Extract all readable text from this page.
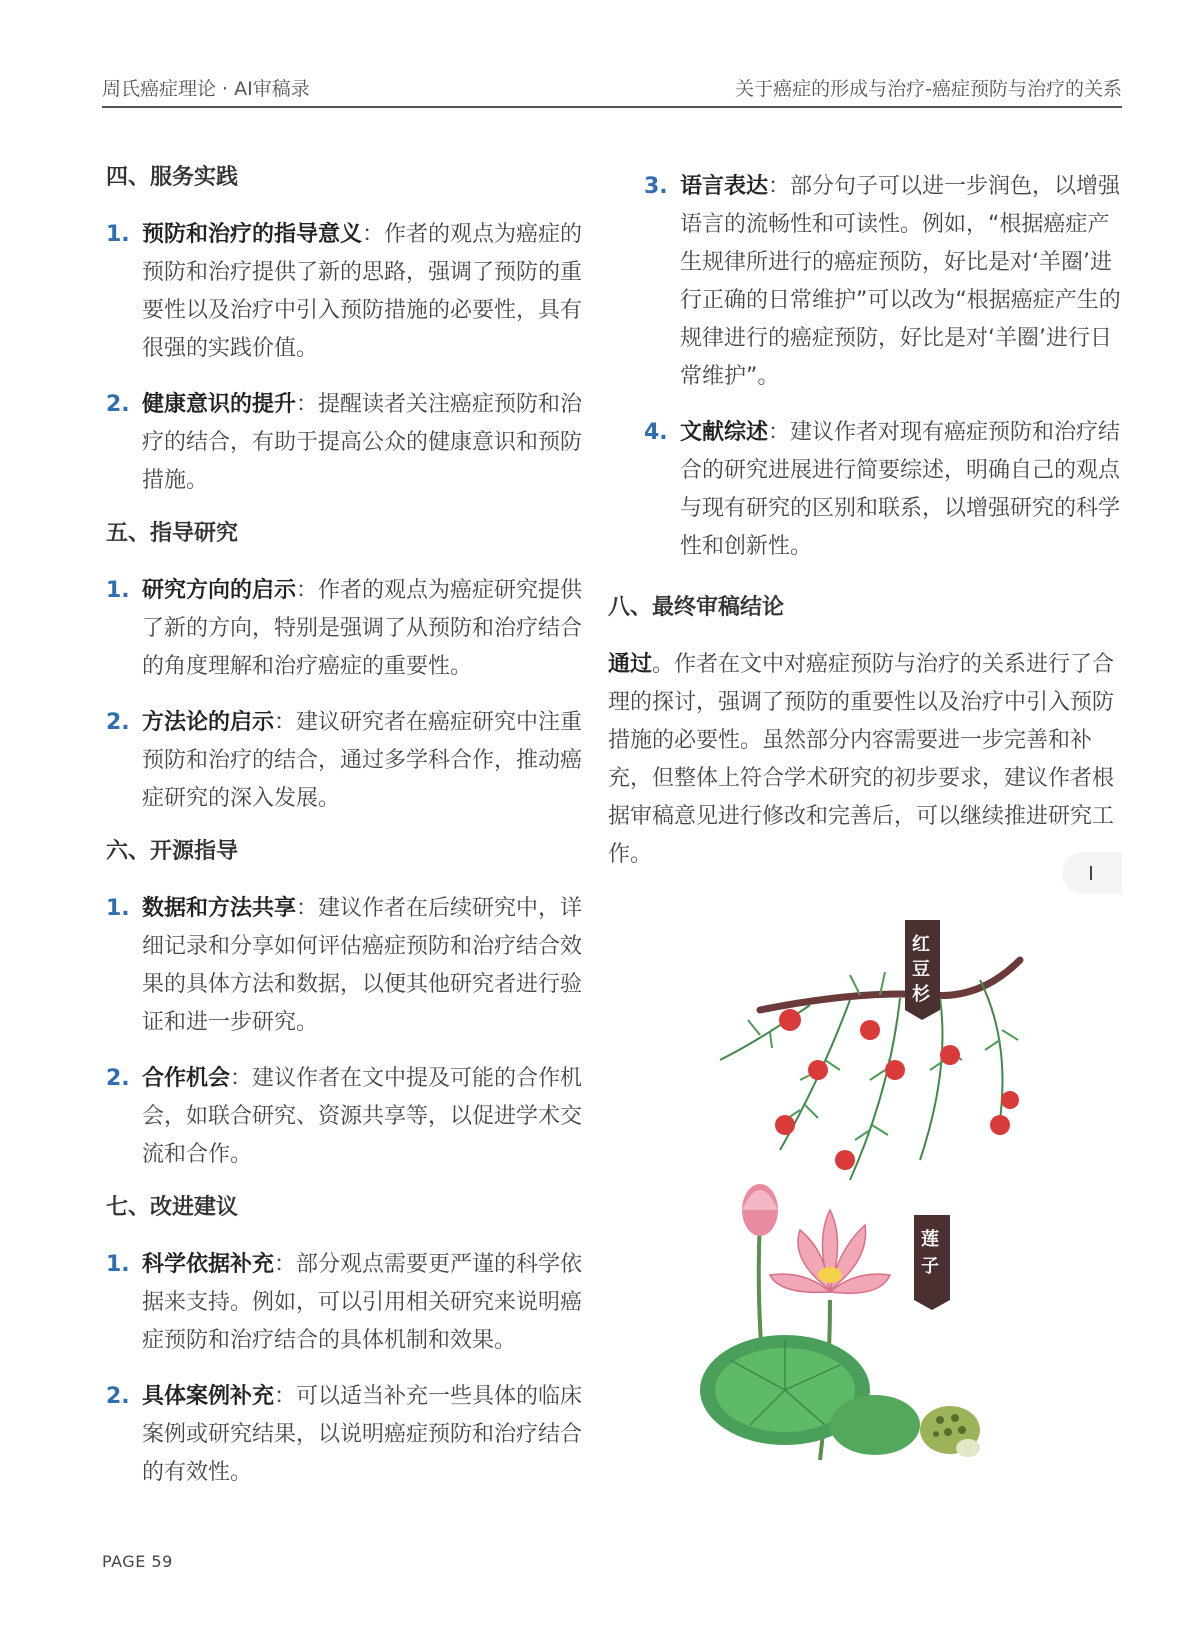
周氏癌症理论 · AI审稿录	关于癌症的形成与治疗-癌症预防与治疗的关系
四、服务实践
1. 预防和治疗的指导意义：作者的观点为癌症的预防和治疗提供了新的思路，强调了预防的重要性以及治疗中引入预防措施的必要性，具有很强的实践价值。
2. 健康意识的提升：提醒读者关注癌症预防和治疗的结合，有助于提高公众的健康意识和预防措施。
五、指导研究
1. 研究方向的启示：作者的观点为癌症研究提供了新的方向，特别是强调了从预防和治疗结合的角度理解和治疗癌症的重要性。
2. 方法论的启示：建议研究者在癌症研究中注重预防和治疗的结合，通过多学科合作，推动癌症研究的深入发展。
六、开源指导
1. 数据和方法共享：建议作者在后续研究中，详细记录和分享如何评估癌症预防和治疗结合效果的具体方法和数据，以便其他研究者进行验证和进一步研究。
2. 合作机会：建议作者在文中提及可能的合作机会，如联合研究、资源共享等，以促进学术交流和合作。
七、改进建议
1. 科学依据补充：部分观点需要更严谨的科学依据来支持。例如，可以引用相关研究来说明癌症预防和治疗结合的具体机制和效果。
2. 具体案例补充：可以适当补充一些具体的临床案例或研究结果，以说明癌症预防和治疗结合的有效性。
3. 语言表达：部分句子可以进一步润色，以增强语言的流畅性和可读性。例如，“根据癌症产生规律所进行的癌症预防，好比是对‘羊圈’进行正确的日常维护”可以改为“根据癌症产生的规律进行的癌症预防，好比是对‘羊圈’进行日常维护”。
4. 文献综述：建议作者对现有癌症预防和治疗结合的研究进展进行简要综述，明确自己的观点与现有研究的区别和联系，以增强研究的科学性和创新性。
八、最终审稿结论
通过。作者在文中对癌症预防与治疗的关系进行了合理的探讨，强调了预防的重要性以及治疗中引入预防措施的必要性。虽然部分内容需要进一步完善和补充，但整体上符合学术研究的初步要求，建议作者根据审稿意见进行修改和完善后，可以继续推进研究工作。
红
豆
杉
莲
子
PAGE 59
